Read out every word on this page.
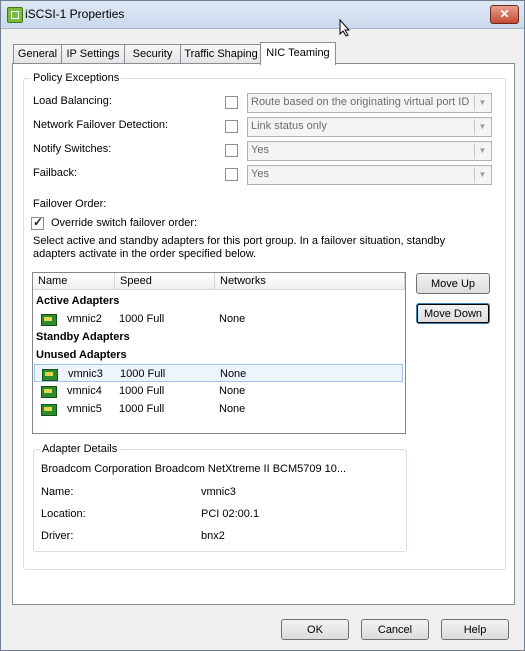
iSCSI-1 Properties	✕
General IP Settings	Security	Traffic Shaping NIC Teaming
Policy Exceptions
Load Balancing:	Route based on the originating virtual port ID	▼
Network Failover Detection:	Link status only	▼
Notify Switches:	Yes	▼
Failback:	Yes	▼
Failover Order:
✓
Override switch failover order:
Select active and standby adapters for this port group. In a failover situation, standby
adapters activate in the order specified below.
Move Up
Move Down
Adapter Details
Broadcom Corporation Broadcom NetXtreme II BCM5709 10...
Name:	vmnic3
Location:	PCI 02:00.1
Driver:	bnx2
Name	Speed	Networks
Active Adapters
vmnic2 1000 Full	None
Standby Adapters
Unused Adapters
vmnic3 1000 Full	None
vmnic4 1000 Full	None
vmnic5 1000 Full	None
OK	Cancel	Help
